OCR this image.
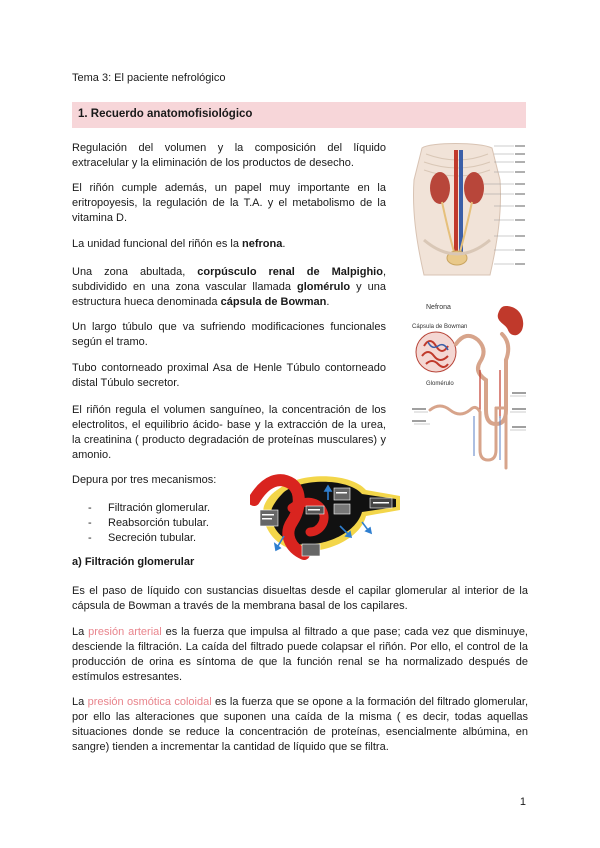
Tema 3: El paciente nefrológico
1. Recuerdo anatomofisiológico
Regulación del volumen y la composición del líquido extracelular y la eliminación de los productos de desecho.
El riñón cumple además, un papel muy importante en la eritropoyesis, la regulación de la T.A. y el metabolismo de la vitamina D.
La unidad funcional del riñón es la nefrona.
Una zona abultada, corpúsculo renal de Malpighio, subdividido en una zona vascular llamada glomérulo y una estructura hueca denominada cápsula de Bowman.
Un largo túbulo que va sufriendo modificaciones funcionales según el tramo.
Tubo contorneado proximal Asa de Henle Túbulo contorneado distal Túbulo secretor.
El riñón regula el volumen sanguíneo, la concentración de los electrolitos, el equilibrio ácido- base y la extracción de la urea, la creatinina ( producto degradación de proteínas musculares) y amonio.
Depura por tres mecanismos:
- Filtración glomerular.
- Reabsorción tubular.
- Secreción tubular.
a) Filtración glomerular
Es el paso de líquido con sustancias disueltas desde el capilar glomerular al interior de la cápsula de Bowman a través de la membrana basal de los capilares.
La presión arterial es la fuerza que impulsa al filtrado a que pase; cada vez que disminuye, desciende la filtración. La caída del filtrado puede colapsar el riñón. Por ello, el control de la producción de orina es síntoma de que la función renal se ha normalizado después de estímulos estresantes.
La presión osmótica coloidal es la fuerza que se opone a la formación del filtrado glomerular, por ello las alteraciones que suponen una caída de la misma ( es decir, todas aquellas situaciones donde se reduce la concentración de proteínas, esencialmente albúmina, en sangre) tienden a incrementar la cantidad de líquido que se filtra.
1
Nefrona
Cápsula de Bowman
Glomérulo
